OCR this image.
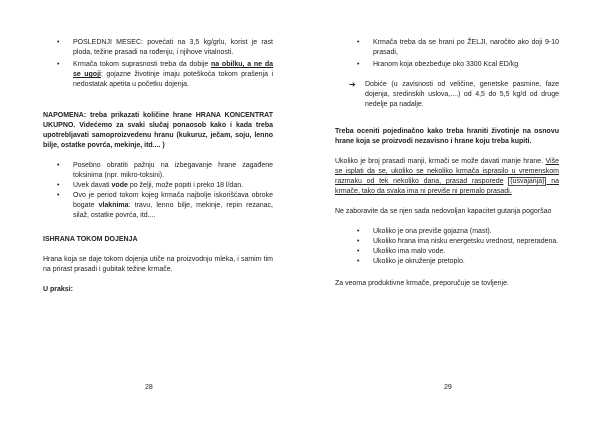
• POSLEDNJI MESEC: povećati na 3,5 kg/grlu, korist je rast ploda, težine prasadi na rođenju, i njihove vitalnosti.
• Krmača tokom suprasnosti treba da dobije na obilku, a ne da se ugoji: gojazne životinje imaju poteškoća tokom prašenja i nedostatak apetita u početku dojenja.

NAPOMENA: treba prikazati količine hrane HRANA KONCENTRAT UKUPNO. Videćemo za svaki slučaj ponaosob kako i kada treba upotrebljavati samoproizvedenu hranu (kukuruz, ječam, soju, lenno bilje, ostatke povrća, mekinje, itd.... )

• Posebno obratiti pažnju na izbegavanje hrane zagađene toksinima (npr. mikro-toksini).
• Uvek davati vode po želji, može popiti i preko 18 l/dan.
• Ovo je period tokom kojeg krmača najbolje iskorišćava obroke bogate vlaknima: travu, lenno bilje, mekinje, repin rezanac, silaž, ostatke povrća, itd....

ISHRANA TOKOM DOJENJA

Hrana koja se daje tokom dojenja utiče na proizvodnju mleka, i samim tim na prirast prasadi i gubitak težine krmače.

U praksi:

28
• Krmača treba da se hrani po ŽELJI, naročito ako doji 9-10 prasadi,
• Hranom koja obezbeđuje oko 3300 Kcal ED/kg

➔ Dobiće (u zavisnosti od veličine, genetske pasmine, faze dojenja, sredinskih uslova,....) od 4,5 do 5,5 kg/d od druge nedelje pa nadalje.

Treba oceniti pojedinačno kako treba hraniti životinje na osnovu hrane koja se proizvodi nezavisno i hrane koju treba kupiti.

Ukoliko je broj prasadi manji, krmači se može davati manje hrane. Više se isplati da se, ukoliko se nekoliko krmača isprasilo u vremenskom razmaku od tek nekoliko dana, prasad rasporede (usvajanja) na krmače, tako da svaka ima ni previše ni premalo prasadi.

Ne zaboravite da se njen sada nedovoljan kapacitet gutanja pogoršao

• Ukoliko je ona previše gojazna (mast).
• Ukoliko hrana ima nisku energetsku vrednost, nepreradena.
• Ukoliko ima malo vode.
• Ukoliko je okruženje pretoplo.

Za veoma produktivne krmače, preporučuje se tovljenje.

29
